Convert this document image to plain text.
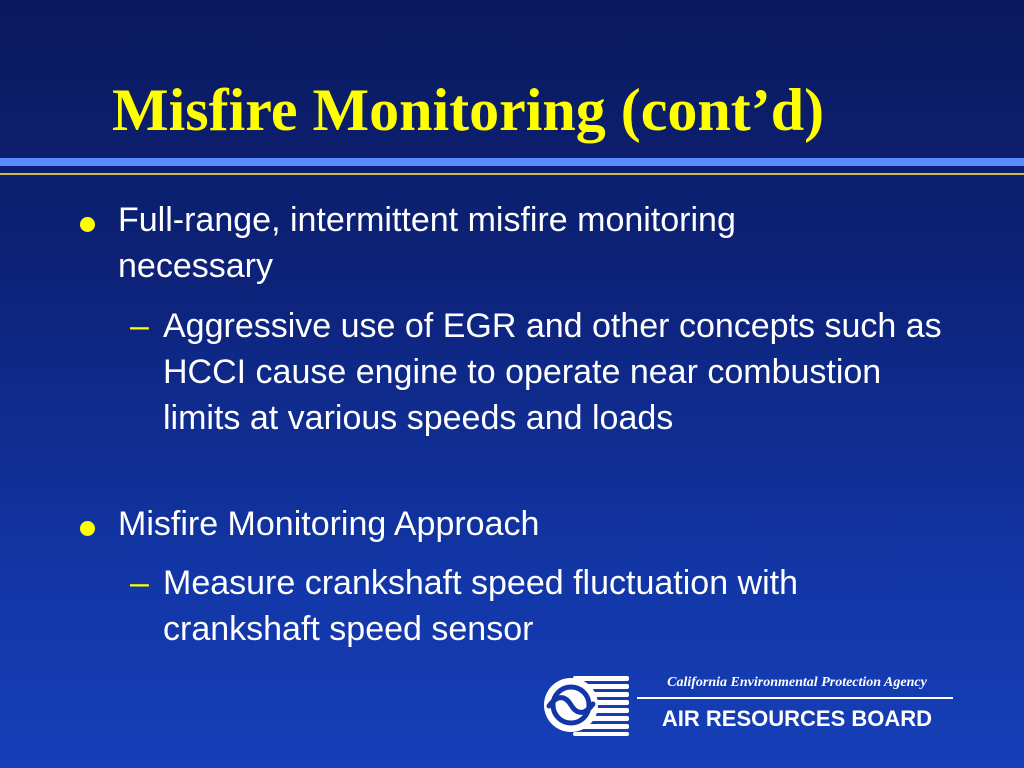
Misfire Monitoring (cont’d)
Full-range, intermittent misfire monitoring necessary
– Aggressive use of EGR and other concepts such as HCCI cause engine to operate near combustion limits at various speeds and loads
Misfire Monitoring Approach
– Measure crankshaft speed fluctuation with crankshaft speed sensor
California Environmental Protection Agency
AIR RESOURCES BOARD
